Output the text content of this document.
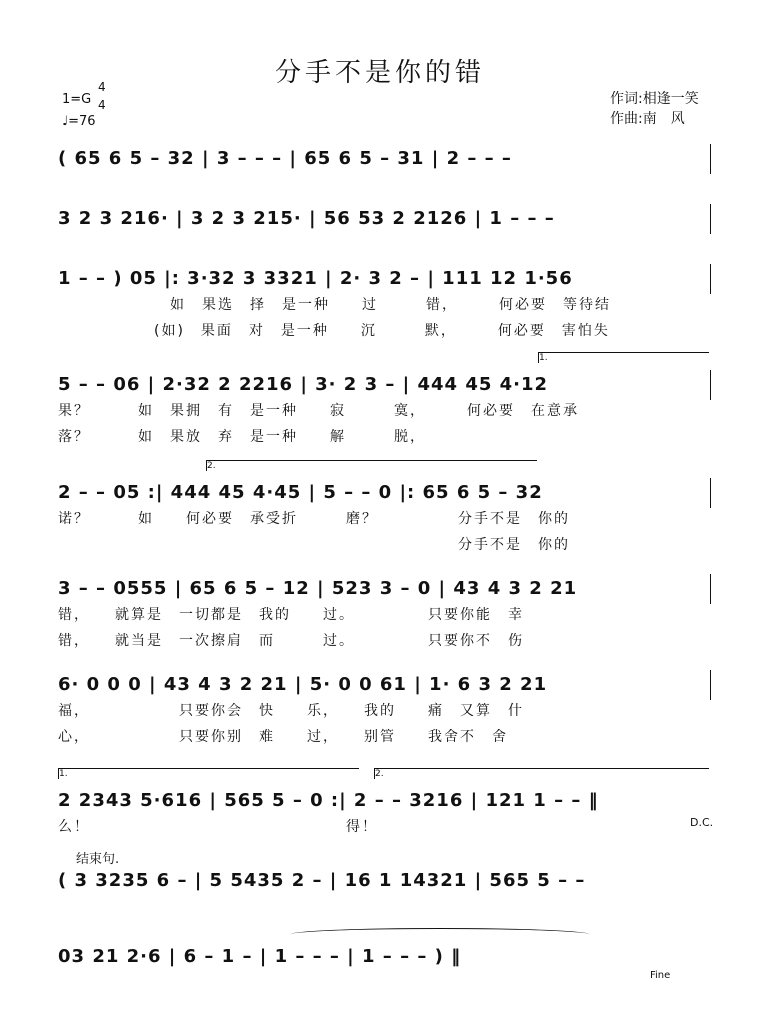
分手不是你的错
1=G
4
4
♩=76
作词:相逢一笑
作曲:南　风
( 65 6 5 – 32 | 3 – – – | 65 6 5 – 31 | 2 – – –
3 2 3 216· | 3 2 3 215· | 56 53 2 2126 | 1 – – –
1 – – ) 05 |: 3·32 3 3321 | 2· 3 2 – | 111 12 1·56
　　　　　　　如　果选　择　是一种　　过　　　错，　　　何必要　等待结
　　　　　　(如)　果面　对　是一种　　沉　　　默，　　　何必要　害怕失
1.
5 – – 06 | 2·32 2 2216 | 3· 2 3 – | 444 45 4·12
果？　　　如　果拥　有　是一种　　寂　　　寞，　　　何必要　在意承
落？　　　如　果放　弃　是一种　　解　　　脱，
2.
2 – – 05 :| 444 45 4·45 | 5 – – 0 |: 65 6 5 – 32
诺？　　　如　　何必要　承受折　　　磨？　　　　　分手不是　你的
　　　　　　　　　　　　　　　　　　　　　　　　　分手不是　你的
3 – – 0555 | 65 6 5 – 12 | 523 3 – 0 | 43 4 3 2 21
错，　　就算是　一切都是　我的　　过。　　　　　只要你能　幸
错，　　就当是　一次擦肩　而　　　过。　　　　　只要你不　伤
6· 0 0 0 | 43 4 3 2 21 | 5· 0 0 61 | 1· 6 3 2 21
福，　　　　　　只要你会　快　　乐，　　我的　　痛　又算　什
心，　　　　　　只要你别　难　　过，　　别管　　我舍不　舍
1.	2.
2 2343 5·616 | 565 5 – 0 :| 2 – – 3216 | 121 1 – – ‖
么！　　　　　　　　　　　　　　　　得！	D.C.
结束句.
( 3 3235 6 – | 5 5435 2 – | 16 1 14321 | 565 5 – –
03 21 2·6 | 6 – 1 – | 1 – – – | 1 – – – ) ‖
Fine
